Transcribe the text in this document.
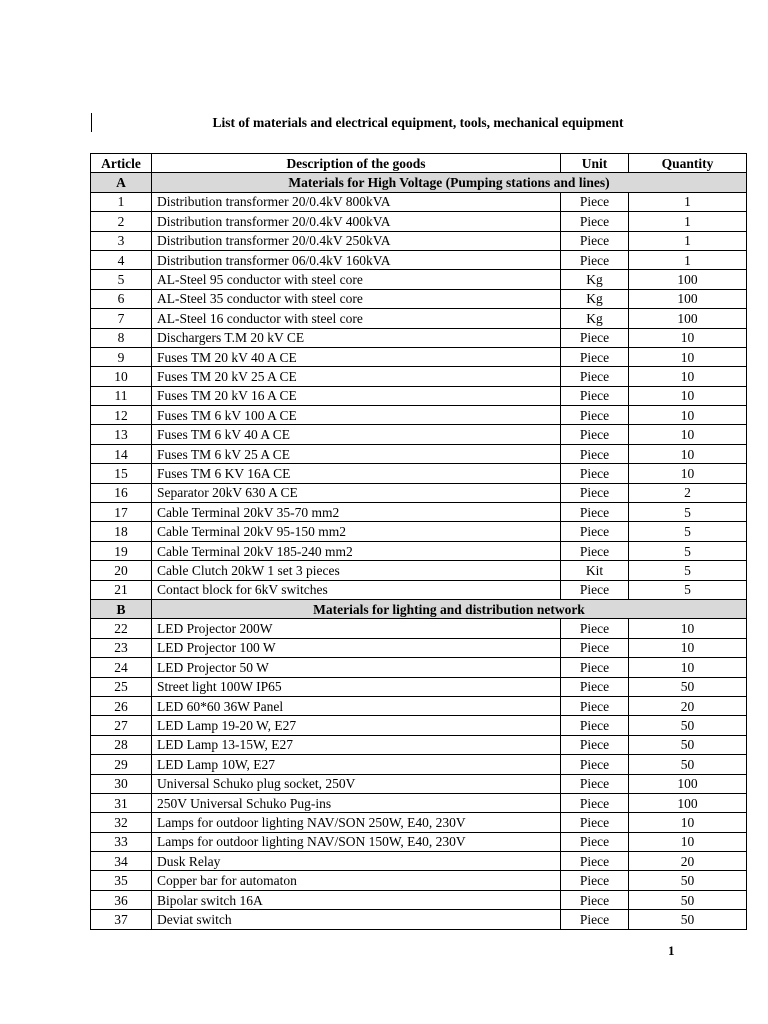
List of materials and electrical equipment, tools, mechanical equipment
Article	Description of the goods	Unit	Quantity
A	Materials for High Voltage (Pumping stations and lines)		
1	Distribution transformer 20/0.4kV 800kVA	Piece	1
2	Distribution transformer 20/0.4kV 400kVA	Piece	1
3	Distribution transformer 20/0.4kV 250kVA	Piece	1
4	Distribution transformer 06/0.4kV 160kVA	Piece	1
5	AL-Steel 95 conductor with steel core	Kg	100
6	AL-Steel 35 conductor with steel core	Kg	100
7	AL-Steel 16 conductor with steel core	Kg	100
8	Dischargers T.M 20 kV CE	Piece	10
9	Fuses TM 20 kV 40 A CE	Piece	10
10	Fuses TM 20 kV 25 A CE	Piece	10
11	Fuses TM 20 kV 16 A CE	Piece	10
12	Fuses TM 6 kV 100 A CE	Piece	10
13	Fuses TM 6 kV 40 A CE	Piece	10
14	Fuses TM 6 kV 25 A CE	Piece	10
15	Fuses TM 6 KV 16A CE	Piece	10
16	Separator 20kV 630 A CE	Piece	2
17	Cable Terminal 20kV 35-70 mm2	Piece	5
18	Cable Terminal 20kV 95-150 mm2	Piece	5
19	Cable Terminal 20kV 185-240 mm2	Piece	5
20	Cable Clutch 20kW 1 set 3 pieces	Kit	5
21	Contact block for 6kV switches	Piece	5
B	Materials for lighting and distribution network		
22	LED Projector 200W	Piece	10
23	LED Projector 100 W	Piece	10
24	LED Projector 50 W	Piece	10
25	Street light 100W IP65	Piece	50
26	LED 60*60 36W Panel	Piece	20
27	LED Lamp 19-20 W, E27	Piece	50
28	LED Lamp 13-15W, E27	Piece	50
29	LED Lamp 10W, E27	Piece	50
30	Universal Schuko plug socket, 250V	Piece	100
31	250V Universal Schuko Pug-ins	Piece	100
32	Lamps for outdoor lighting NAV/SON 250W, E40, 230V	Piece	10
33	Lamps for outdoor lighting NAV/SON 150W, E40, 230V	Piece	10
34	Dusk Relay	Piece	20
35	Copper bar for automaton	Piece	50
36	Bipolar switch 16A	Piece	50
37	Deviat switch	Piece	50
1
